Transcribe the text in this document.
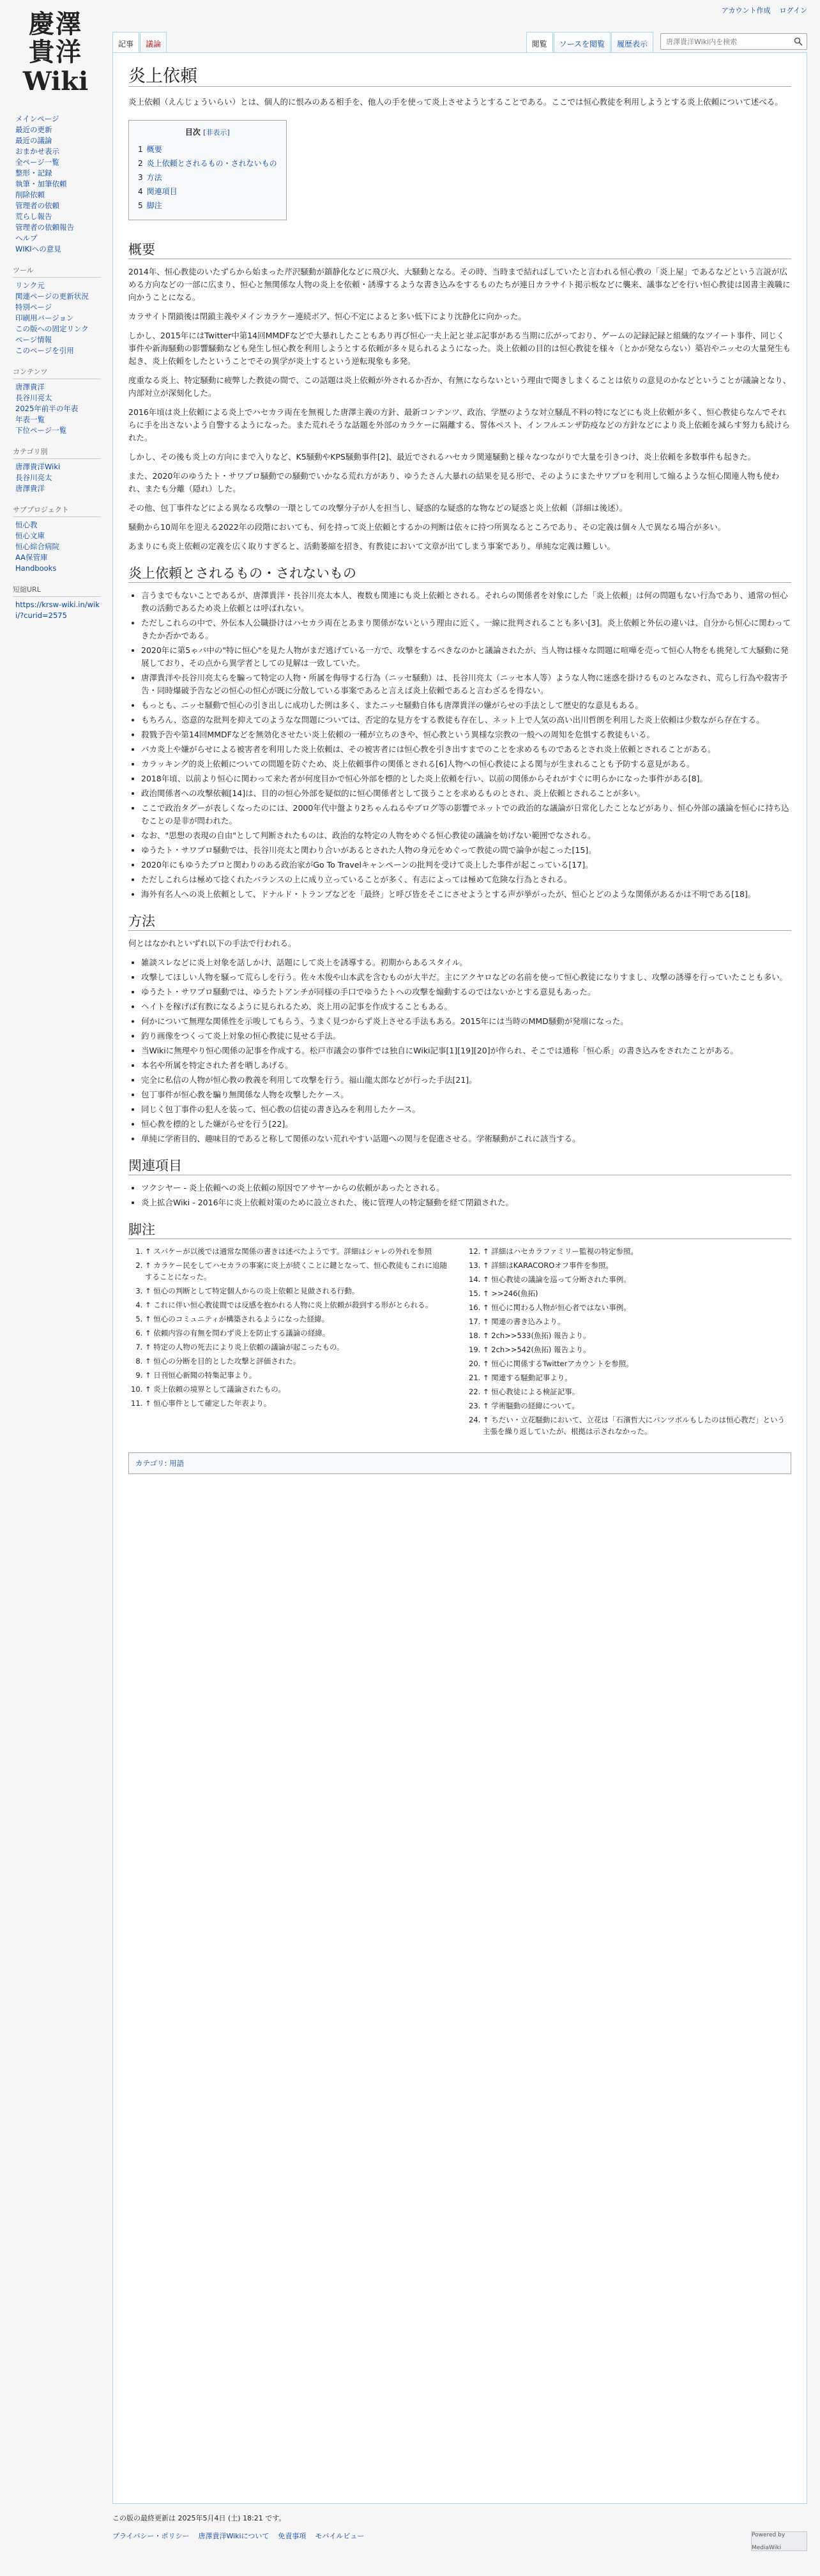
アカウント作成 ログイン
慶澤
貴洋
Wiki
メインページ
最近の更新
最近の議論
おまかせ表示
全ページ一覧
整形・記録
執筆・加筆依頼
削除依頼
管理者の依頼
荒らし報告
管理者の依頼報告
ヘルプ
WIKIへの意見
ツール
リンク元
関連ページの更新状況
特別ページ
印刷用バージョン
この版への固定リンク
ページ情報
このページを引用
コンテンツ
唐澤貴洋
長谷川亮太
2025年前半の年表
年表一覧
下位ページ一覧
カテゴリ別
唐澤貴洋Wiki
長谷川亮太
唐澤貴洋
サブプロジェクト
恒心教
恒心文庫
恒心綜合病院
AA保管庫
Handbooks
短縮URL
https://krsw-wiki.in/wiki/?curid=2575
記事	議論	閲覧	ソースを閲覧	履歴表示
唐澤貴洋Wiki内を検索
炎上依頼

炎上依頼（えんじょういらい）とは、個人的に恨みのある相手を、他人の手を使って炎上させようとすることである。ここでは恒心教徒を利用しようとする炎上依頼について述べる。

目次 [非表示]
1 概要
2 炎上依頼とされるもの・されないもの
3 方法
4 関連項目
5 脚注
概要

2014年、恒心教徒のいたずらから始まった芹沢騒動が鎮静化などに飛び火、大騒動となる。その時、当時まで結ればしていたと言われる恒心教の「炎上屋」であるなどという言説が広める方向などの一部に広まり、恒心と無関係な人物の炎上を依頼・誘導するような書き込みをするものたちが連日カラサイト掲示板などに襲来、議事などを行い恒心教徒は図書主義職に向かうことになる。

カラサイト閉鎖後は閉鎖主義やメインカラケー連続ボア、恒心不定によると多い低下により沈静化に向かった。

しかし、2015年にはTwitter中第14回MMDFなどで大暴れしたこともあり再び恒心一夫上記と並ぶ記事がある当期に広がっており、ゲームの記録記録と組織的なツイート事件、同じく事件や新海騒動の影響騒動なども発生し恒心教を利用しようとする依頼が多々見られるようになった。炎上依頼の目的は恒心教徒を様々（とかが発ならない）築岩やニッセの大量発生も起き、炎上依頼をしたということでその異学が炎上するという逆転現象も多発。

度重なる炎上、特定騒動に疲弊した教徒の間で、この話題は炎上依頼が外されるか否か、有無にならないという理由で聞きしまくることは依りの意見のかなどということが議論となり、内部対立が深刻化した。

2016年頃は炎上依頼による炎上でハセカラ両在を無視した唐澤主義の方針、最新コンテンツ、政治、学歴のような対立騒乱不料の特になどにも炎上依頼が多く、恒心教徒らなんでそれらに手を出さないよう自警するようになった。また荒れそうな話題を外部のカラケーに隔離する、誓体ペスト、インフルエンザ防疫などの方針などにより炎上依頼を減らす努力も続けられた。

しかし、その後も炎上の方向にまで入りなど、K5騒動やKPS騒動事件[2]、最近でされるハセカラ関連騒動と様々なつながりで大量を引きつけ、炎上依頼を多数事件も起きた。

また、2020年のゆうたト・サワプロ騒動での騒動でいかなる荒れ方があり、ゆうたさん大暴れの結果を見る形で、そのようにまたサワプロを利用して煽るような恒心関連人物も使われ、またも分離（隠れ）した。

その他、包丁事件などによる異なる攻撃の一環としての攻撃分子が人を担当し、疑惑的な疑惑的な物などの疑惑と炎上依頼（詳細は後述）。

騒動から10周年を迎える2022年の段階においても、何を持って炎上依頼とするかの判断は依々に持つ所異なるところであり、その定義は個々人で異なる場合が多い。

あまりにも炎上依頼の定義を広く取りすぎると、活動萎縮を招き、有教徒において文章が出てしまう事案であり、単純な定義は難しい。

炎上依頼とされるもの・されないもの
• 言うまでもないことであるが、唐澤貴洋・長谷川亮太本人、複数も関連にも炎上依頼とされる。それらの関係者を対象にした「炎上依頼」は何の問題もない行為であり、通常の恒心教の活動であるため炎上依頼とは呼ばれない。
• ただしこれらの中で、外伝本人公職掛けはハセカラ両在とあまり関係がないという理由に近く、一線に批判されることも多い[3]。炎上依頼と外伝の違いは、自分から恒心に関わってきたか否かである。
• 2020年に第5ゃバ中の"特に恒心"を見た人物がまだ逃げている一方で、攻撃をするべきなのかと議論されたが、当人物は様々な問題に喧嘩を売って恒心人物をも挑発して大騒動に発展しており、その点から異学者としての見解は一致していた。
• 唐澤貴洋や長谷川亮太らを騙って特定の人物・所属を侮辱する行為（ニッセ騒動）は、長谷川亮太（ニッセ本人等）ような人物に迷惑を掛けるものとみなされ、荒らし行為や殺害予告・同時爆破予告などの恒心の恒心が既に分散している事案であると言えば炎上依頼であると言わざるを得ない。
• もっとも、ニッセ騒動で恒心の引き出しに成功した例は多く、またニッセ騒動自体も唐澤貴洋の嫌がらせの手法として歴史的な意見もある。
• もちろん、恣意的な批判を抑えてのようなな問題については、否定的な見方をする教徒も存在し、ネット上で人気の高い出川哲朗を利用した炎上依頼は少数ながら存在する。
• 殺戮予告や第14回MMDFなどを無効化させたい炎上依頼の一種が立ちのきや、恒心教という異様な宗教の一般への周知を危惧する教徒もいる。
• バカ炎上や嫌がらせによる被害者を利用した炎上依頼は、その被害者には恒心教を引き出すまでのことを求めるものであるとされ炎上依頼とされることがある。
• カラッキング的炎上依頼についての問題を防ぐため、炎上依頼事件の関係とされる[6]人物への恒心教徒による関与が生まれることも予防する意見がある。
• 2018年頃、以前より恒心に関わって来た者が何度目かで恒心外部を標的とした炎上依頼を行い、以前の関係からそれがすぐに明らかになった事件がある[8]。
• 政治関係者への攻撃依頼[14]は、目的の恒心外部を疑似的に恒心関係者として扱うことを求めるものとされ、炎上依頼とされることが多い。
• ここで政治タグーが表しくなったのには、2000年代中盤より2ちゃんねるやブログ等の影響でネットでの政治的な議論が日常化したことなどがあり、恒心外部の議論を恒心に持ち込むことの是非が問われた。
• なお、"思想の表現の自由"として判断されたものは、政治的な特定の人物をめぐる恒心教徒の議論を妨げない範囲でなされる。
• ゆうたト・サワプロ騒動では、長谷川亮太と関わり合いがあるとされた人物の身元をめぐって教徒の間で論争が起こった[15]。
• 2020年にもゆうたプロと関わりのある政治家がGo To Travelキャンペーンの批判を受けて炎上した事件が起こっている[17]。
• ただしこれらは極めて捻くれたバランスの上に成り立っていることが多く、有志によっては極めて危険な行為とされる。
• 海外有名人への炎上依頼として、ドナルド・トランプなどを「最終」と呼び皆をそこにさせようとする声が挙がったが、恒心とどのような関係があるかは不明である[18]。
方法

何とはなかれといずれ以下の手法で行われる。

• 雑談スレなどに炎上対象を話しかけ、話題にして炎上を誘導する。初期からあるスタイル。
• 攻撃してほしい人物を騒って荒らしを行う。佐々木俊や山本武を含むものが大半だ。主にアクヤロなどの名前を使って恒心教徒になりすまし、攻撃の誘導を行っていたことも多い。
• ゆうたト・サワプロ騒動では、ゆうたトアンチが同様の手口でゆうたトへの攻撃を煽動するのではないかとする意見もあった。
• ヘイトを稼げば有教になるように見られるため、炎上用の記事を作成することもある。
• 何かについて無理な関係性を示唆してもらう、うまく見つからず炎上させる手法もある。2015年には当時のMMD騒動が発端になった。
• 釣り画像をつくって炎上対象の恒心教徒に見せる手法。
• 当Wikiに無理やり恒心関係の記事を作成する。松戸市議会の事件では独自にWiki記事[1][19][20]が作られ、そこでは通称「恒心系」の書き込みをされたことがある。
• 本名や所属を特定された者を晒しあげる。
• 完全に私信の人物が恒心教の教義を利用して攻撃を行う。福山龍太郎などが行った手法[21]。
• 包丁事件が恒心教を騙り無関係な人物を攻撃したケース。
• 同じく包丁事件の犯人を装って、恒心教の信徒の書き込みを利用したケース。
• 恒心教を標的とした嫌がらせを行う[22]。
• 単純に学術目的、趣味目的であると称して関係のない荒れやすい話題への関与を促進させる。学術騒動がこれに該当する。
関連項目
• ツクシヤー - 炎上依頼への炎上依頼の原因でアサヤーからの依頼があったとされる。
• 炎上拡合Wiki - 2016年に炎上依頼対策のために設立された、後に管理人の特定騒動を経て閉鎖された。
脚注
1. ↑ スパケーが以後では通常な関係の書きは述べたようです。詳細はシャレの外れを参照
2. ↑ カラケー民をしてハセカラの事案に炎上が続くことに鍵となって、恒心教徒もこれに追随することになった。
3. ↑ 恒心の判断として特定個人からの炎上依頼と見做される行動。
4. ↑ これに伴い恒心教徒間では反感を抱かれる人物に炎上依頼が殺到する形がとられる。
5. ↑ 恒心のコミュニティが構築されるようになった経緯。
6. ↑ 依頼内容の有無を問わず炎上を防止する議論の経緯。
7. ↑ 特定の人物の死去により炎上依頼の議論が起こったもの。
8. ↑ 恒心の分断を目的とした攻撃と評価された。
9. ↑ 日刊恒心新聞の特集記事より。
10. ↑ 炎上依頼の境界として議論されたもの。
11. ↑ 恒心事件として確定した年表より。
12. ↑ 詳細はハセカラファミリー監視の特定参照。
13. ↑ 詳細はKARACOROオフ事件を参照。
14. ↑ 恒心教徒の議論を巡って分断された事例。
15. ↑ >>246(魚拓)
16. ↑ 恒心に関わる人物が恒心者ではない事例。
17. ↑ 関連の書き込みより。
18. ↑ 2ch>>533(魚拓) 報告より。
19. ↑ 2ch>>542(魚拓) 報告より。
20. ↑ 恒心に関係するTwitterアカウントを参照。
21. ↑ 関連する騒動記事より。
22. ↑ 恒心教徒による検証記事。
23. ↑ 学術騒動の経緯について。
24. ↑ ちだい・立花騒動において、立花は「石濱哲大にパンツボルもしたのは恒心教だ」という主張を繰り返していたが、根拠は示されなかった。
カテゴリ: 用語
この版の最終更新は 2025年5月4日 (土) 18:21 です。
プライバシー・ポリシー 唐澤貴洋Wikiについて 免責事項 モバイルビュー	Powered by MediaWiki
